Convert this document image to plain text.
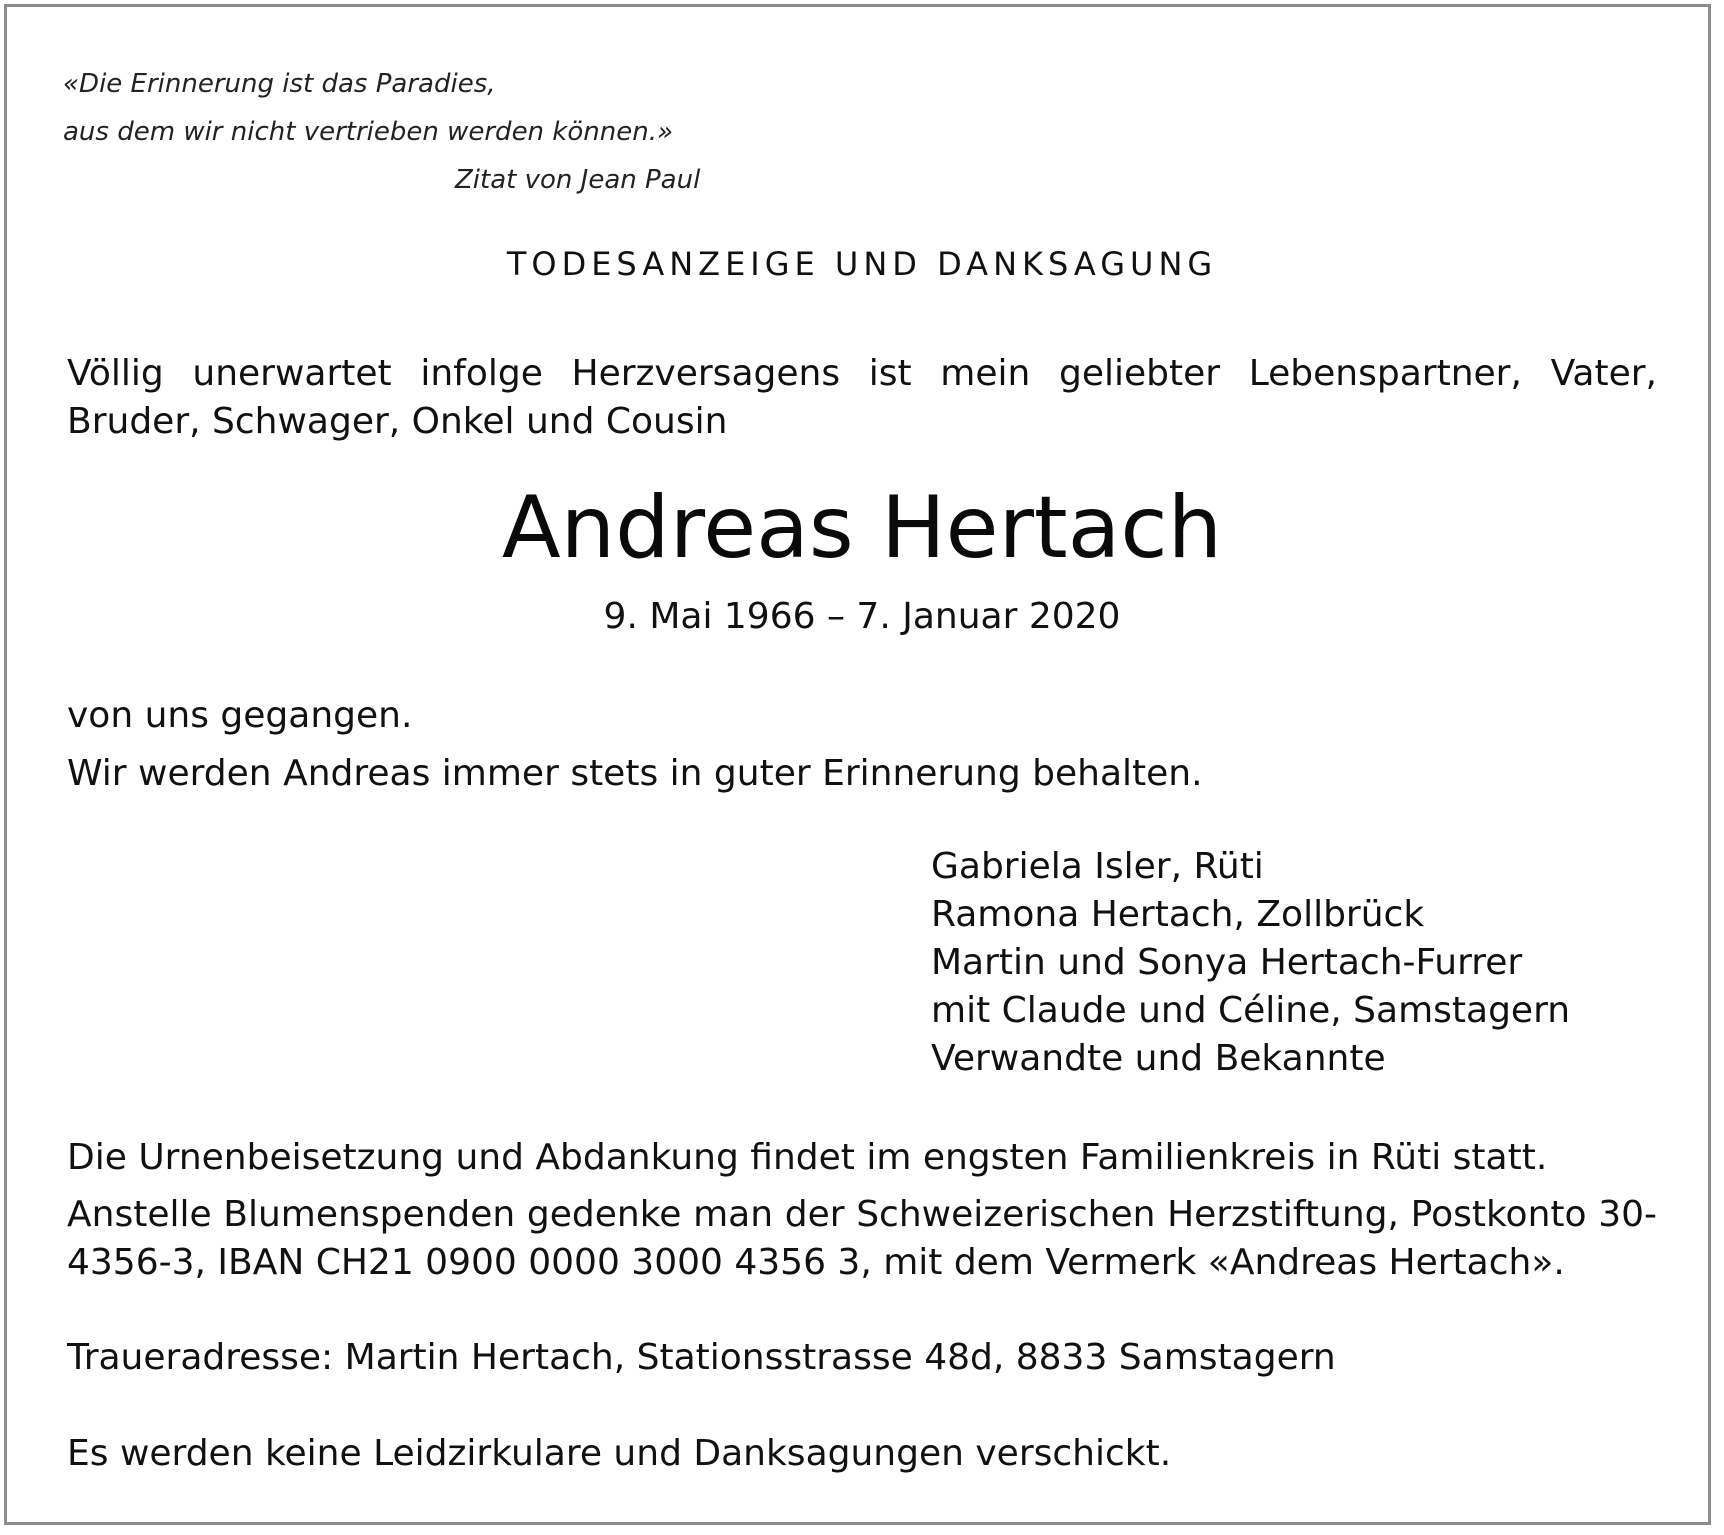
«Die Erinnerung ist das Paradies,
aus dem wir nicht vertrieben werden können.»
Zitat von Jean Paul
TODESANZEIGE UND DANKSAGUNG
Völlig unerwartet infolge Herzversagens ist mein geliebter Lebenspartner, Vater, Bruder, Schwager, Onkel und Cousin
Andreas Hertach
9. Mai 1966 – 7. Januar 2020
von uns gegangen.
Wir werden Andreas immer stets in guter Erinnerung behalten.
Gabriela Isler, Rüti
Ramona Hertach, Zollbrück
Martin und Sonya Hertach-Furrer
mit Claude und Céline, Samstagern
Verwandte und Bekannte
Die Urnenbeisetzung und Abdankung findet im engsten Familienkreis in Rüti statt.
Anstelle Blumenspenden gedenke man der Schweizerischen Herzstiftung, Postkonto 30-4356-3, IBAN CH21 0900 0000 3000 4356 3, mit dem Vermerk «Andreas Hertach».
Traueradresse: Martin Hertach, Stationsstrasse 48d, 8833 Samstagern
Es werden keine Leidzirkulare und Danksagungen verschickt.
